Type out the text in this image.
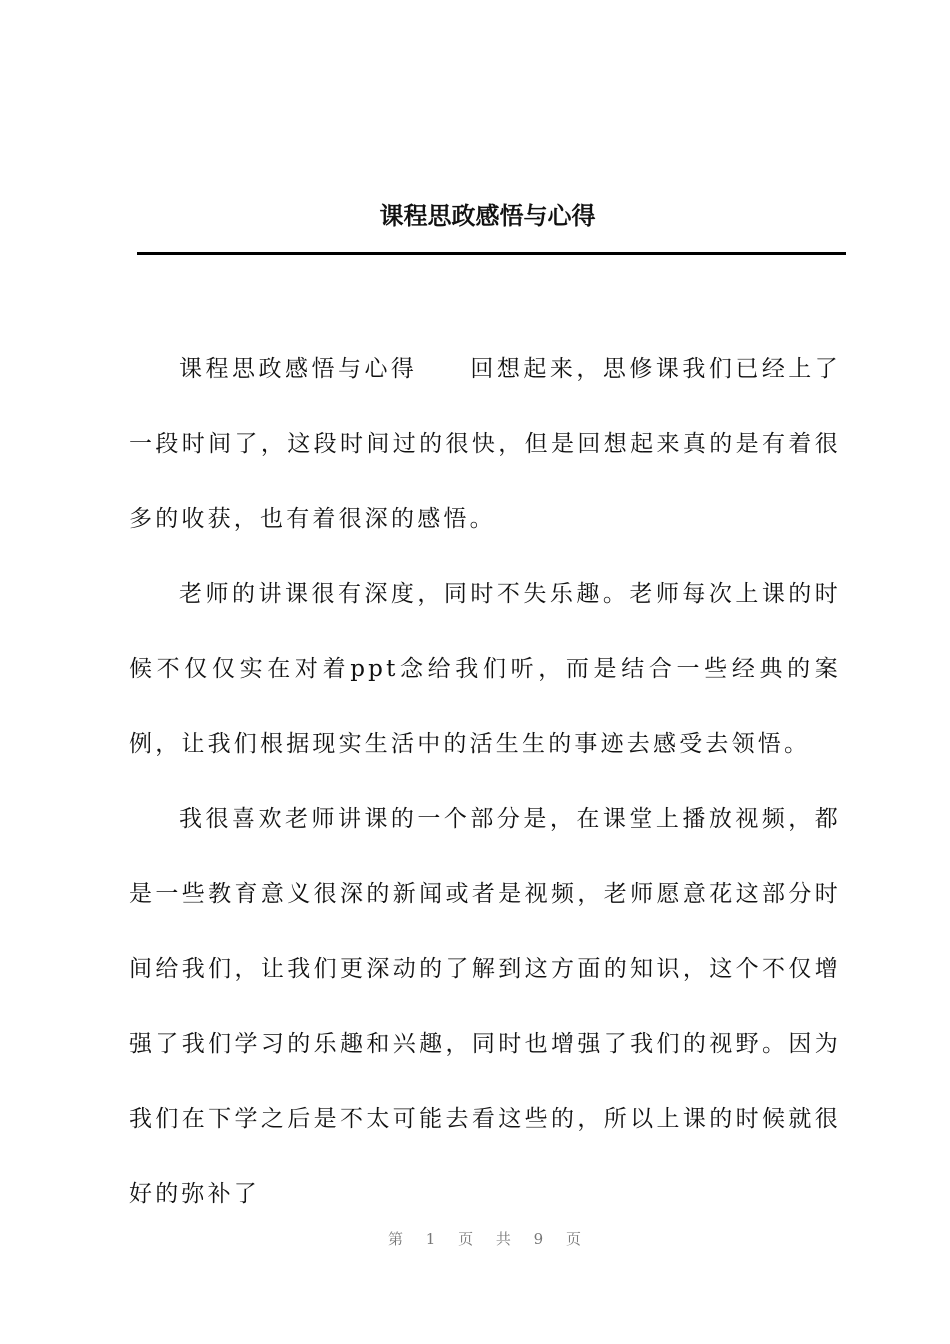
课程思政感悟与心得

课程思政感悟与心得　　回想起来，思修课我们已经上了一段时间了，这段时间过的很快，但是回想起来真的是有着很多的收获，也有着很深的感悟。

老师的讲课很有深度，同时不失乐趣。老师每次上课的时候不仅仅实在对着ppt念给我们听，而是结合一些经典的案例，让我们根据现实生活中的活生生的事迹去感受去领悟。

我很喜欢老师讲课的一个部分是，在课堂上播放视频，都是一些教育意义很深的新闻或者是视频，老师愿意花这部分时间给我们，让我们更深动的了解到这方面的知识，这个不仅增强了我们学习的乐趣和兴趣，同时也增强了我们的视野。因为我们在下学之后是不太可能去看这些的，所以上课的时候就很好的弥补了

第 1 页 共 9 页
